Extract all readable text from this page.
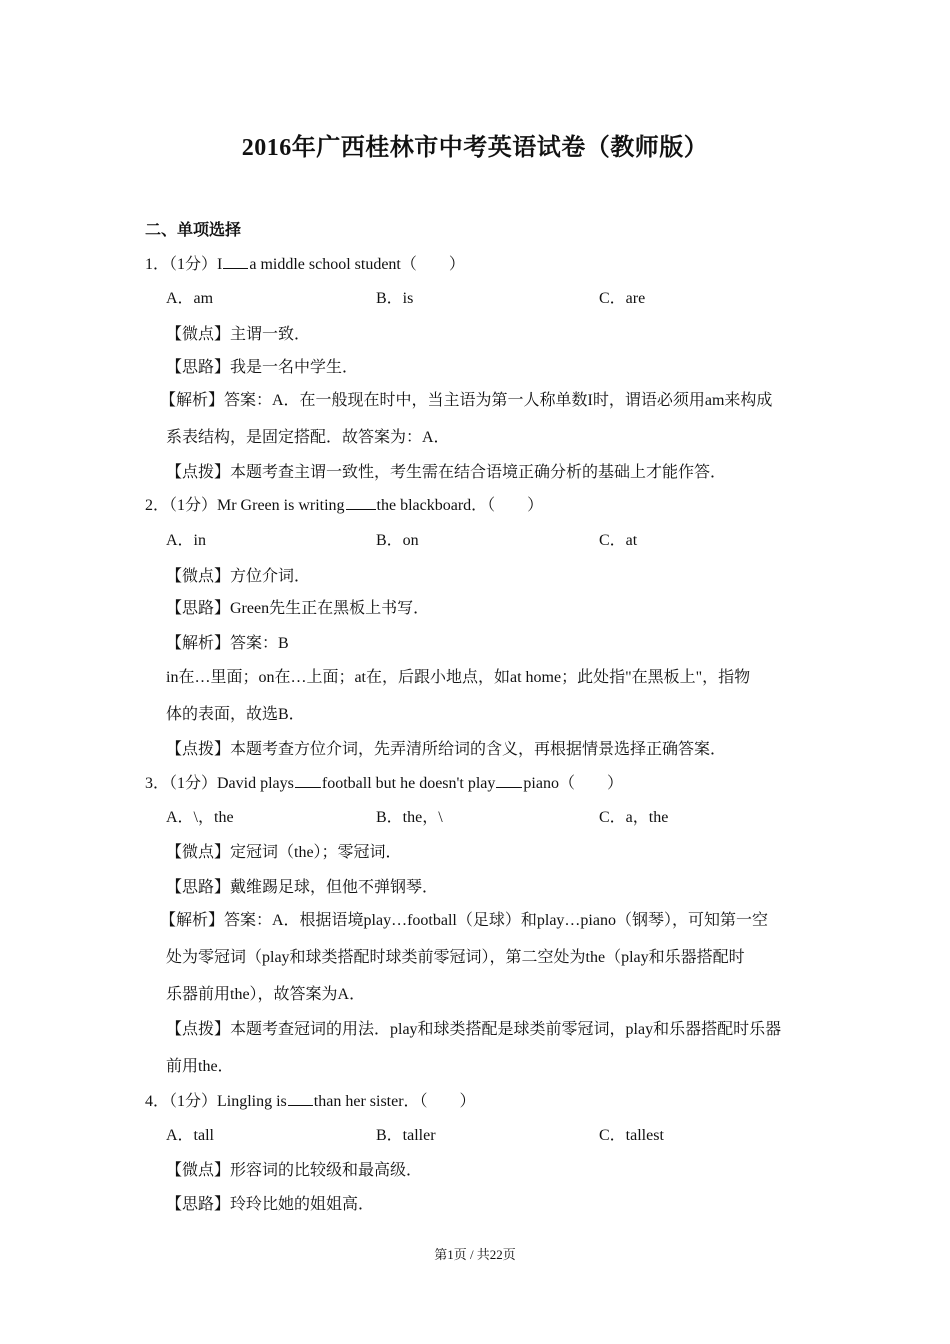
2016年广西桂林市中考英语试卷（教师版）
二、单项选择
1．（1分）I a middle school student（　　）
A．am	B．is	C．are
【微点】主谓一致．
【思路】我是一名中学生．
【解析】答案：A．在一般现在时中，当主语为第一人称单数I时，谓语必须用am来构成
系表结构，是固定搭配．故答案为：A．
【点拨】本题考查主谓一致性，考生需在结合语境正确分析的基础上才能作答．
2．（1分）Mr Green is writing the blackboard．（　　）
A．in	B．on	C．at
【微点】方位介词．
【思路】Green先生正在黑板上书写．
【解析】答案：B
in在…里面；on在…上面；at在，后跟小地点，如at home；此处指"在黑板上"，指物
体的表面，故选B．
【点拨】本题考查方位介词，先弄清所给词的含义，再根据情景选择正确答案．
3．（1分）David plays football but he doesn't play piano（　　）
A．\，the	B．the，\	C．a，the
【微点】定冠词（the）；零冠词．
【思路】戴维踢足球，但他不弹钢琴．
【解析】答案：A．根据语境play…football（足球）和play…piano（钢琴），可知第一空
处为零冠词（play和球类搭配时球类前零冠词），第二空处为the（play和乐器搭配时
乐器前用the），故答案为A．
【点拨】本题考查冠词的用法．play和球类搭配是球类前零冠词，play和乐器搭配时乐器
前用the．
4．（1分）Lingling is than her sister．（　　）
A．tall	B．taller	C．tallest
【微点】形容词的比较级和最高级．
【思路】玲玲比她的姐姐高．
第1页 / 共22页
